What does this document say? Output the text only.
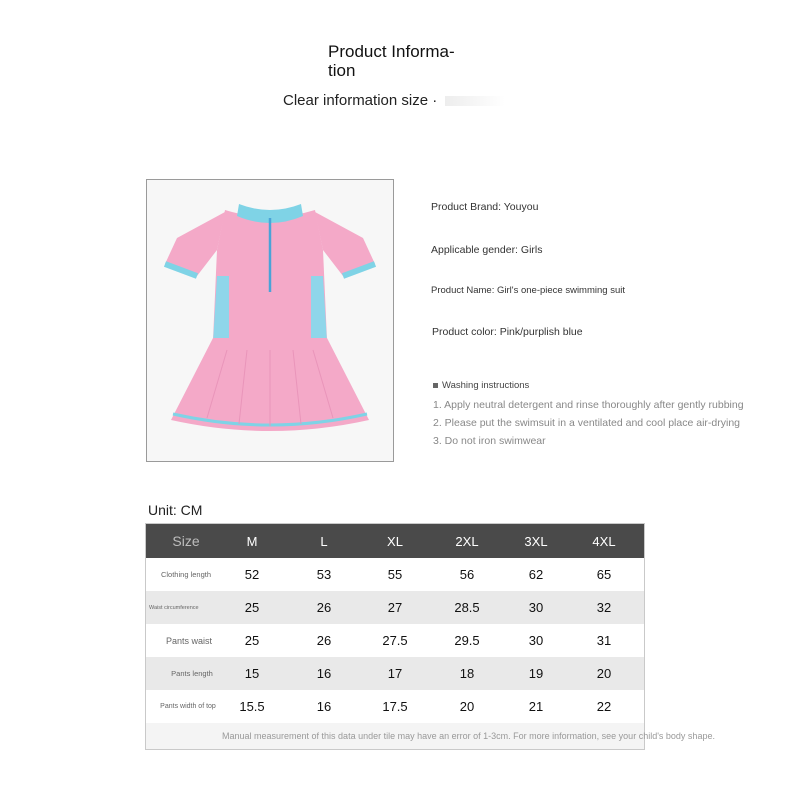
Product Informa-
tion
Clear information size ·
Product Brand: Youyou
Applicable gender: Girls
Product Name: Girl's one-piece swimming suit
Product color: Pink/purplish blue
Washing instructions
1. Apply neutral detergent and rinse thoroughly after gently rubbing
2. Please put the swimsuit in a ventilated and cool place air-drying
3. Do not iron swimwear
Unit: CM
Size	M	L	XL	2XL	3XL	4XL
Clothing length	52	53	55	56	62	65
Waist circumference	25	26	27	28.5	30	32
Pants waist	25	26	27.5	29.5	30	31
Pants length	15	16	17	18	19	20
Pants width of top	15.5	16	17.5	20	21	22
Manual measurement of this data under tile may have an error of 1-3cm. For more information, see your child's body shape.
